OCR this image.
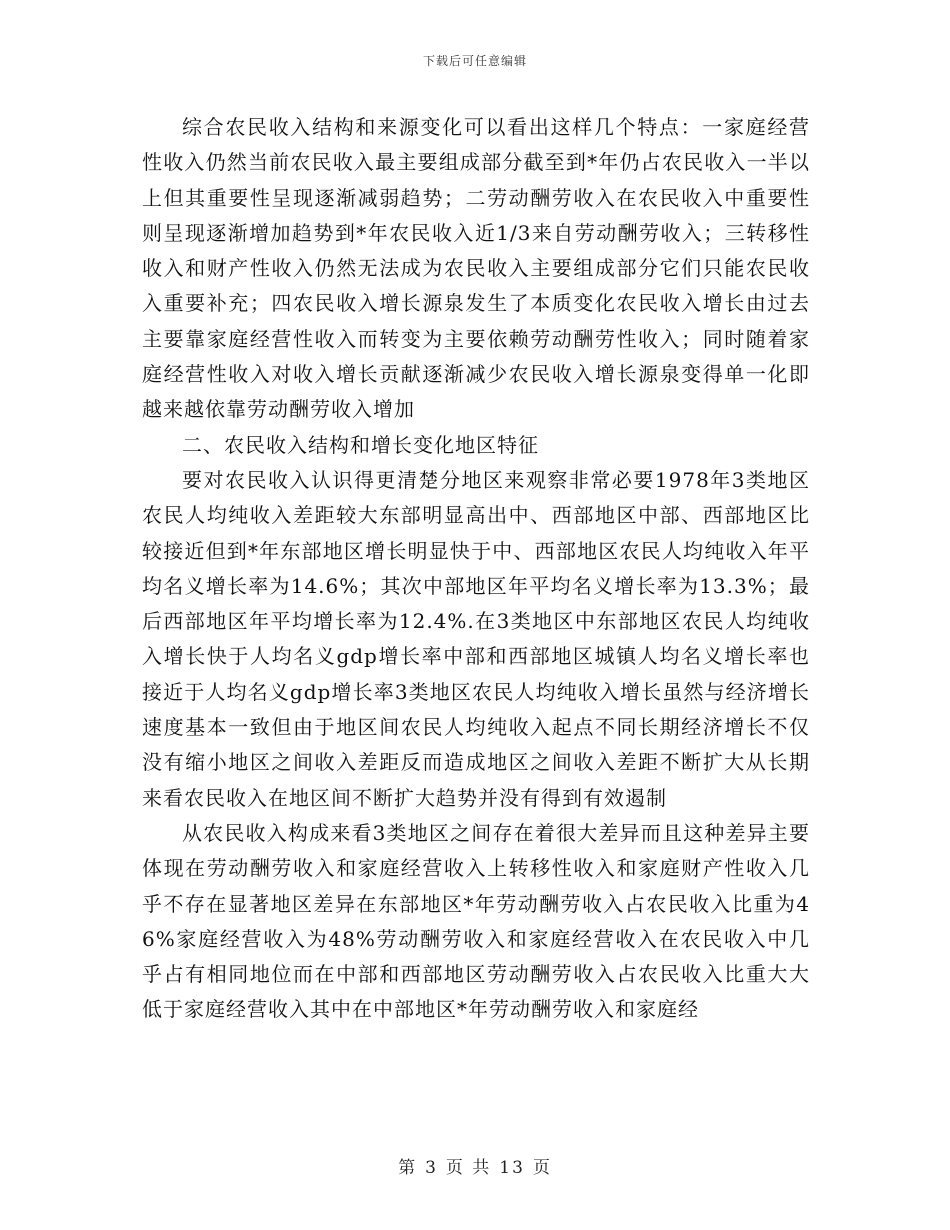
下载后可任意编辑

综合农民收入结构和来源变化可以看出这样几个特点：一家庭经营性收入仍然当前农民收入最主要组成部分截至到*年仍占农民收入一半以上但其重要性呈现逐渐减弱趋势；二劳动酬劳收入在农民收入中重要性则呈现逐渐增加趋势到*年农民收入近1/3来自劳动酬劳收入；三转移性收入和财产性收入仍然无法成为农民收入主要组成部分它们只能农民收入重要补充；四农民收入增长源泉发生了本质变化农民收入增长由过去主要靠家庭经营性收入而转变为主要依赖劳动酬劳性收入；同时随着家庭经营性收入对收入增长贡献逐渐减少农民收入增长源泉变得单一化即越来越依靠劳动酬劳收入增加

二、农民收入结构和增长变化地区特征

要对农民收入认识得更清楚分地区来观察非常必要1978年3类地区农民人均纯收入差距较大东部明显高出中、西部地区中部、西部地区比较接近但到*年东部地区增长明显快于中、西部地区农民人均纯收入年平均名义增长率为14.6%；其次中部地区年平均名义增长率为13.3%；最后西部地区年平均增长率为12.4%.在3类地区中东部地区农民人均纯收入增长快于人均名义gdp增长率中部和西部地区城镇人均名义增长率也接近于人均名义gdp增长率3类地区农民人均纯收入增长虽然与经济增长速度基本一致但由于地区间农民人均纯收入起点不同长期经济增长不仅没有缩小地区之间收入差距反而造成地区之间收入差距不断扩大从长期来看农民收入在地区间不断扩大趋势并没有得到有效遏制

从农民收入构成来看3类地区之间存在着很大差异而且这种差异主要体现在劳动酬劳收入和家庭经营收入上转移性收入和家庭财产性收入几乎不存在显著地区差异在东部地区*年劳动酬劳收入占农民收入比重为46%家庭经营收入为48%劳动酬劳收入和家庭经营收入在农民收入中几乎占有相同地位而在中部和西部地区劳动酬劳收入占农民收入比重大大低于家庭经营收入其中在中部地区*年劳动酬劳收入和家庭经

第 3 页 共 13 页
